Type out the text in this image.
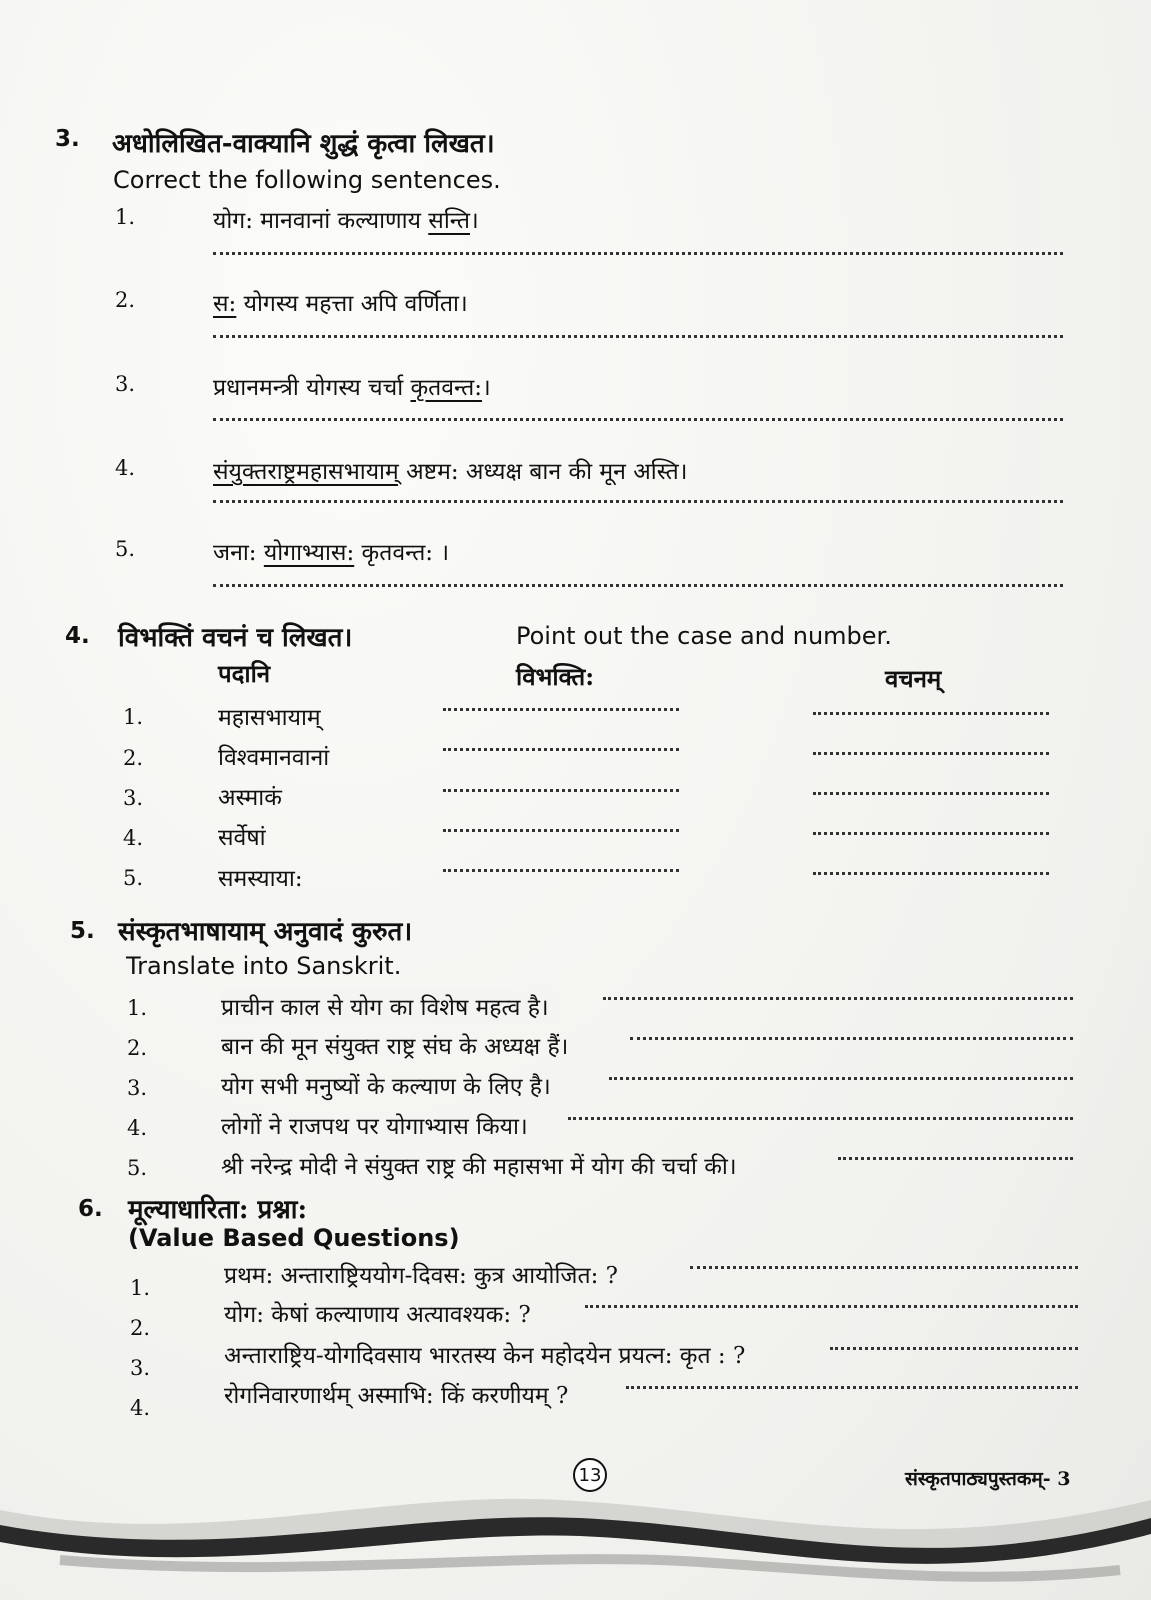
3. अधोलिखित-वाक्यानि शुद्धं कृत्वा लिखत।
Correct the following sentences.
1.	योग: मानवानां कल्याणाय सन्ति।
2.	स: योगस्य महत्ता अपि वर्णिता।
3.	प्रधानमन्त्री योगस्य चर्चा कृतवन्त:।
4.	संयुक्तराष्ट्रमहासभायाम् अष्टम: अध्यक्ष बान की मून अस्ति।
5.	जना: योगाभ्यास: कृतवन्त: ।
4. विभक्तिं वचनं च लिखत।	Point out the case and number.
पदानि	विभक्ति:	वचनम्
1.	महासभायाम्
2.	विश्वमानवानां
3.	अस्माकं
4.	सर्वेषां
5.	समस्याया:
5. संस्कृतभाषायाम् अनुवादं कुरुत।
Translate into Sanskrit.
1.	प्राचीन काल से योग का विशेष महत्व है।
2.	बान की मून संयुक्त राष्ट्र संघ के अध्यक्ष हैं।
3.	योग सभी मनुष्यों के कल्याण के लिए है।
4.	लोगों ने राजपथ पर योगाभ्यास किया।
5.	श्री नरेन्द्र मोदी ने संयुक्त राष्ट्र की महासभा में योग की चर्चा की।
6. मूल्याधारिता: प्रश्ना:
(Value Based Questions)
1.	प्रथम: अन्ताराष्ट्रिययोग-दिवस: कुत्र आयोजित: ?
2.	योग: केषां कल्याणाय अत्यावश्यक: ?
3.	अन्ताराष्ट्रिय-योगदिवसाय भारतस्य केन महोदयेन प्रयत्न: कृत : ?
4.	रोगनिवारणार्थम् अस्माभि: किं करणीयम् ?
13	संस्कृतपाठ्यपुस्तकम्- 3
